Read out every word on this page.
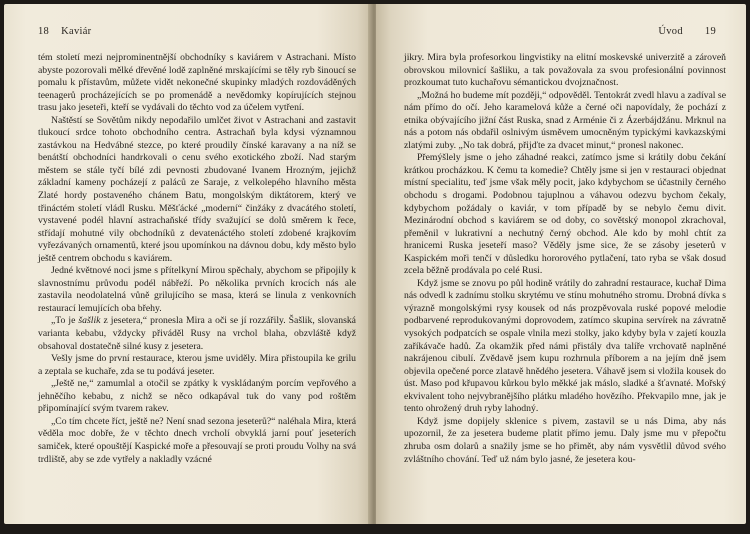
18 Kaviár

tém století mezi nejprominentnější obchodníky s kaviárem v Astrachani. Místo abyste pozorovali mělké dřevěné lodě zaplněné mrskajícími se těly ryb šinoucí se pomalu k přístavům, můžete vidět nekonečné skupinky mladých rozdováděných teenagerů procházejících se po promenádě a nevědomky kopírujících stejnou trasu jako jeseteři, kteří se vydávali do těchto vod za účelem vytření.

Naštěstí se Sovětům nikdy nepodařilo umlčet život v Astrachani and zastavit tlukoucí srdce tohoto obchodního centra. Astrachaň byla kdysi významnou zastávkou na Hedvábné stezce, po které proudily čínské karavany a na níž se benátští obchodníci handrkovali o cenu svého exotického zboží. Nad starým městem se stále tyčí bílé zdi pevnosti zbudované Ivanem Hrozným, jejichž základní kameny pocházejí z paláců ze Saraje, z velkolepého hlavního města Zlaté hordy postaveného chánem Batu, mongolským diktátorem, který ve třináctém století vládl Rusku. Měšťácké „moderní“ činžáky z dvacátého století, vystavené podél hlavní astrachaňské třídy svažující se dolů směrem k řece, střídají mohutné vily obchodníků z devatenáctého století zdobené krajkovím vyřezávaných ornamentů, které jsou upomínkou na dávnou dobu, kdy město bylo ještě centrem obchodu s kaviárem.

Jedné květnové noci jsme s přítelkyní Mirou spěchaly, abychom se připojily k slavnostnímu průvodu podél nábřeží. Po několika prvních krocích nás ale zastavila neodolatelná vůně grilujícího se masa, která se linula z venkovních restaurací lemujících oba břehy.

„To je šašlik z jesetera,“ pronesla Mira a oči se jí rozzářily. Šašlik, slovanská varianta kebabu, vždycky přiváděl Rusy na vrchol blaha, obzvláště když obsahoval dostatečně silné kusy z jesetera.

Vešly jsme do první restaurace, kterou jsme uviděly. Mira přistoupila ke grilu a zeptala se kuchaře, zda se tu podává jeseter.

„Ještě ne,“ zamumlal a otočil se zpátky k vyskládaným porcím vepřového a jehněčího kebabu, z nichž se něco odkapával tuk do vany pod roštěm připomínající svým tvarem rakev.

„Co tím chcete říct, ještě ne? Není snad sezona jeseterů?“ naléhala Mira, která věděla moc dobře, že v těchto dnech vrcholí obvyklá jarní pouť jeseterích samiček, které opouštějí Kaspické moře a přesouvají se proti proudu Volhy na svá trdliště, aby se zde vytřely a nakladly vzácné

Úvod 19

jikry. Mira byla profesorkou lingvistiky na elitní moskevské univerzitě a zároveň obrovskou milovnicí šašliku, a tak považovala za svou profesionální povinnost prozkoumat tuto kuchařovu sémantickou dvojznačnost.

„Možná ho budeme mít později,“ odpověděl. Tentokrát zvedl hlavu a zadíval se nám přímo do očí. Jeho karamelová kůže a černé oči napovídaly, že pochází z etnika obývajícího jižní část Ruska, snad z Arménie či z Ázerbájdžánu. Mrknul na nás a potom nás obdařil oslnivým úsměvem umocněným typickými kavkazskými zlatými zuby. „No tak dobrá, přijďte za dvacet minut,“ pronesl nakonec.

Přemýšlely jsme o jeho záhadné reakci, zatímco jsme si krátily dobu čekání krátkou procházkou. K čemu ta komedie? Chtěly jsme si jen v restauraci objednat místní specialitu, teď jsme však měly pocit, jako kdybychom se účastnily černého obchodu s drogami. Podobnou tajuplnou a váhavou odezvu bychom čekaly, kdybychom požádaly o kaviár, v tom případě by se nebylo čemu divit. Mezinárodní obchod s kaviárem se od doby, co sovětský monopol zkrachoval, přeměnil v lukrativní a nechutný černý obchod. Ale kdo by mohl chtít za hranicemi Ruska jeseteří maso? Věděly jsme sice, že se zásoby jeseterů v Kaspickém moři tenčí v důsledku hororového pytlačení, tato ryba se však dosud zcela běžně prodávala po celé Rusi.

Když jsme se znovu po půl hodině vrátily do zahradní restaurace, kuchař Dima nás odvedl k zadnímu stolku skrytému ve stínu mohutného stromu. Drobná dívka s výrazně mongolskými rysy kousek od nás prozpěvovala ruské popové melodie podbarvené reprodukovanými doprovodem, zatímco skupina servírek na závratně vysokých podpatcích se ospale vlnila mezi stolky, jako kdyby byla v zajetí kouzla zaříkávače hadů. Za okamžik před námi přistály dva talíře vrchovatě naplněné nakrájenou cibulí. Zvědavě jsem kupu rozhrnula příborem a na jejím dně jsem objevila opečené porce zlatavě hnědého jesetera. Váhavě jsem si vložila kousek do úst. Maso pod křupavou kůrkou bylo měkké jak máslo, sladké a šťavnaté. Mořský ekvivalent toho nejvybranějšího plátku mladého hovězího. Překvapilo mne, jak je tento ohrožený druh ryby lahodný.

Když jsme dopijely sklenice s pivem, zastavil se u nás Dima, aby nás upozornil, že za jesetera budeme platit přímo jemu. Daly jsme mu v přepočtu zhruba osm dolarů a snažily jsme se ho přimět, aby nám vysvětlil důvod svého zvláštního chování. Teď už nám bylo jasné, že jesetera kou-
